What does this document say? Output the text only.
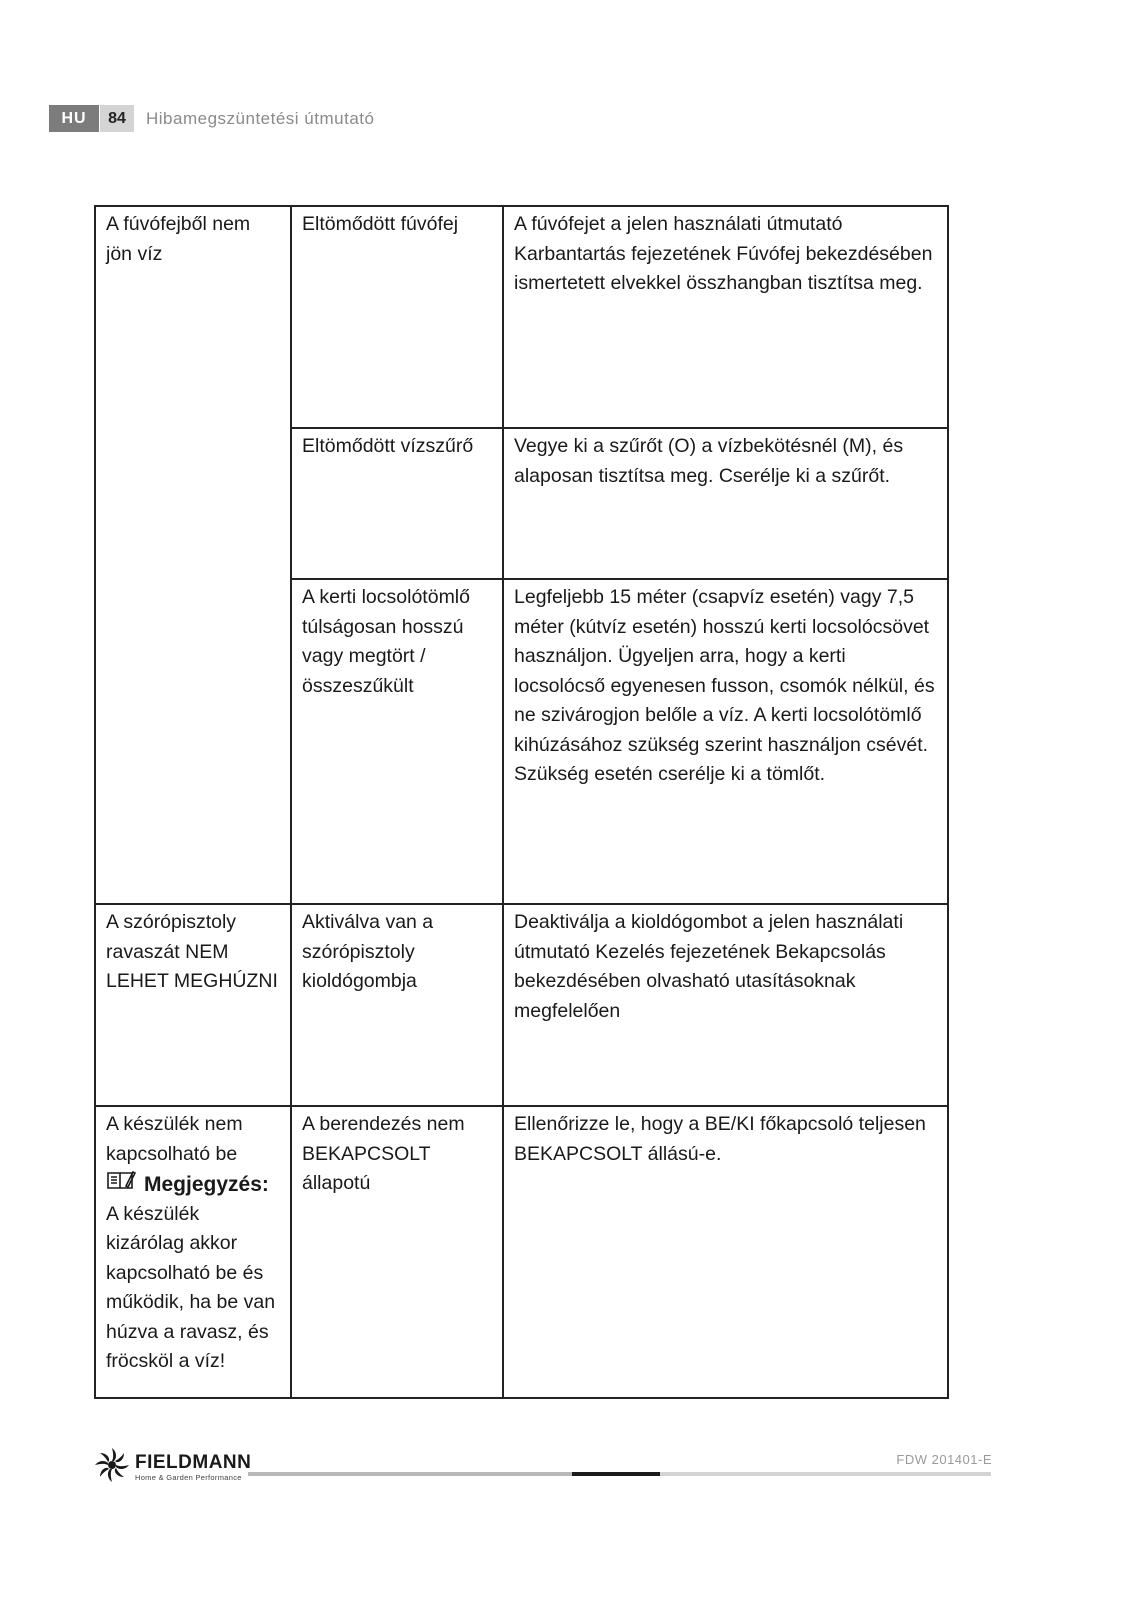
HU	84	Hibamegszüntetési útmutató
A fúvófejből nem jön víz	Eltömődött fúvófej	A fúvófejet a jelen használati útmutató Karbantartás fejezetének Fúvófej bekezdésében ismertetett elvekkel összhangban tisztítsa meg.
	Eltömődött vízszűrő	Vegye ki a szűrőt (O) a vízbekötésnél (M), és alaposan tisztítsa meg. Cserélje ki a szűrőt.
	A kerti locsolótömlő túlságosan hosszú vagy megtört / összeszűkült	Legfeljebb 15 méter (csapvíz esetén) vagy 7,5 méter (kútvíz esetén) hosszú kerti locsolócsövet használjon. Ügyeljen arra, hogy a kerti locsolócső egyenesen fusson, csomók nélkül, és ne szivárogjon belőle a víz. A kerti locsolótömlő kihúzásához szükség szerint használjon csévét. Szükség esetén cserélje ki a tömlőt.
A szórópisztoly ravaszát NEM LEHET MEGHÚZNI	Aktiválva van a szórópisztoly kioldógombja	Deaktiválja a kioldógombot a jelen használati útmutató Kezelés fejezetének Bekapcsolás bekezdésében olvasható utasításoknak megfelelően

A készülék nem kapcsolható be
Megjegyzés:
A készülék kizárólag akkor kapcsolható be és működik, ha be van húzva a ravasz, és fröcsköl a víz!	A berendezés nem BEKAPCSOLT állapotú	Ellenőrizze le, hogy a BE/KI főkapcsoló teljesen BEKAPCSOLT állású-e.
FIELDMANN
Home & Garden Performance
FDW 201401-E
